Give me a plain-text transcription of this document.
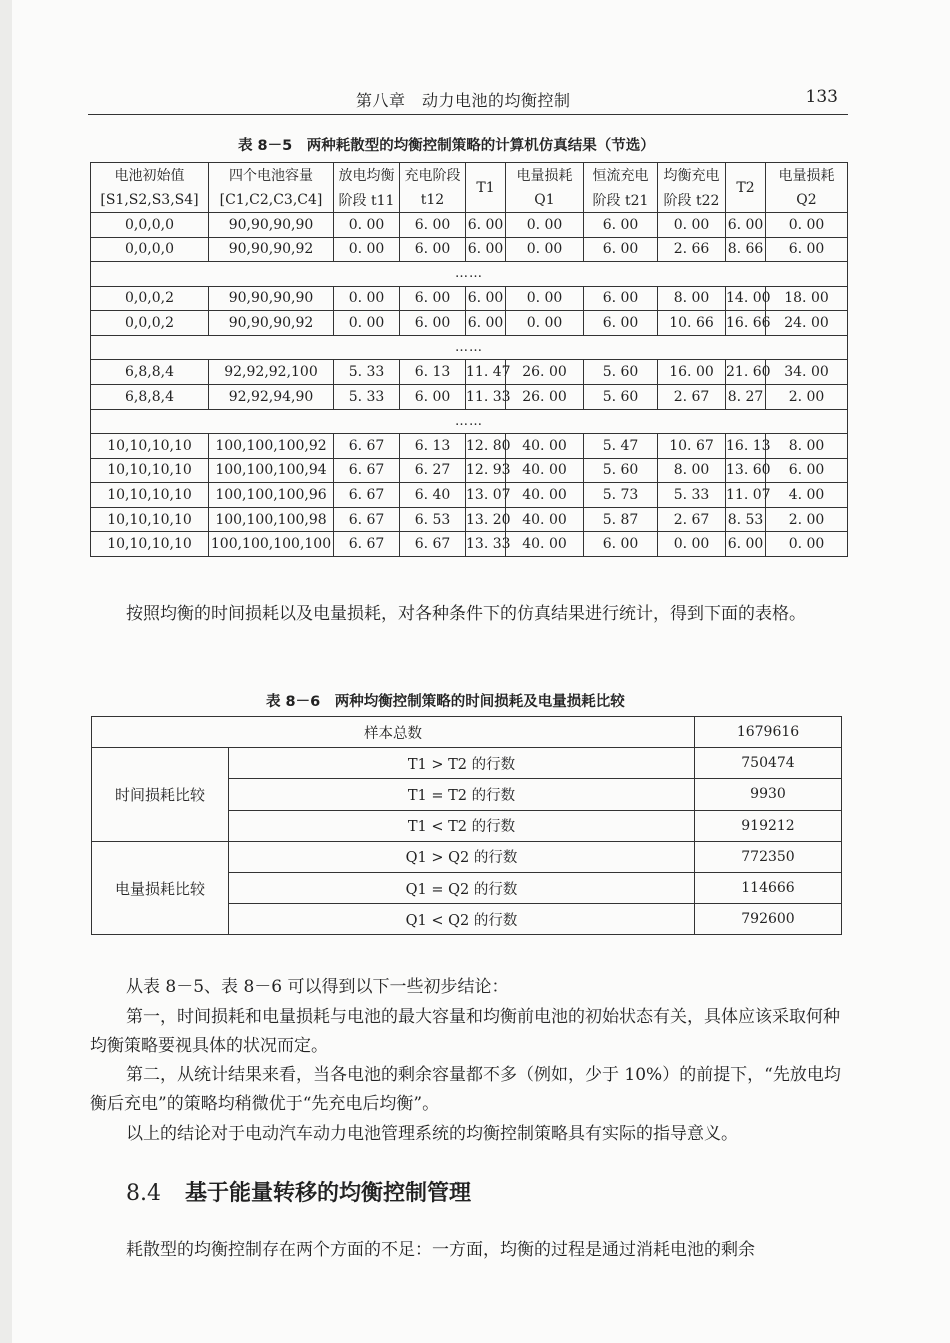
第八章　动力电池的均衡控制	133
表 8－5　两种耗散型的均衡控制策略的计算机仿真结果（节选）
电池初始值	四个电池容量	放电均衡	充电阶段	T1	电量损耗	恒流充电	均衡充电	T2	电量损耗
[S1,S2,S3,S4]	[C1,C2,C3,C4]	阶段 t11	t12		Q1	阶段 t21	阶段 t22		Q2
0,0,0,0	90,90,90,90	0. 00	6. 00	6. 00	0. 00	6. 00	0. 00	6. 00	0. 00
0,0,0,0	90,90,90,92	0. 00	6. 00	6. 00	0. 00	6. 00	2. 66	8. 66	6. 00
……									
0,0,0,2	90,90,90,90	0. 00	6. 00	6. 00	0. 00	6. 00	8. 00	14. 00	18. 00
0,0,0,2	90,90,90,92	0. 00	6. 00	6. 00	0. 00	6. 00	10. 66	16. 66	24. 00
……									
6,8,8,4	92,92,92,100	5. 33	6. 13	11. 47	26. 00	5. 60	16. 00	21. 60	34. 00
6,8,8,4	92,92,94,90	5. 33	6. 00	11. 33	26. 00	5. 60	2. 67	8. 27	2. 00
……									
10,10,10,10	100,100,100,92	6. 67	6. 13	12. 80	40. 00	5. 47	10. 67	16. 13	8. 00
10,10,10,10	100,100,100,94	6. 67	6. 27	12. 93	40. 00	5. 60	8. 00	13. 60	6. 00
10,10,10,10	100,100,100,96	6. 67	6. 40	13. 07	40. 00	5. 73	5. 33	11. 07	4. 00
10,10,10,10	100,100,100,98	6. 67	6. 53	13. 20	40. 00	5. 87	2. 67	8. 53	2. 00
10,10,10,10	100,100,100,100	6. 67	6. 67	13. 33	40. 00	6. 00	0. 00	6. 00	0. 00
按照均衡的时间损耗以及电量损耗，对各种条件下的仿真结果进行统计，得到下面的表格。
表 8－6　两种均衡控制策略的时间损耗及电量损耗比较
样本总数		1679616
时间损耗比较	T1 > T2 的行数	750474
	T1 = T2 的行数	9930
	T1 < T2 的行数	919212
电量损耗比较	Q1 > Q2 的行数	772350
	Q1 = Q2 的行数	114666
	Q1 < Q2 的行数	792600
从表 8－5、表 8－6 可以得到以下一些初步结论：
第一，时间损耗和电量损耗与电池的最大容量和均衡前电池的初始状态有关，具体应该采取何种均衡策略要视具体的状况而定。
第二，从统计结果来看，当各电池的剩余容量都不多（例如，少于 10%）的前提下，“先放电均衡后充电”的策略均稍微优于“先充电后均衡”。
以上的结论对于电动汽车动力电池管理系统的均衡控制策略具有实际的指导意义。
8.4 基于能量转移的均衡控制管理
耗散型的均衡控制存在两个方面的不足：一方面，均衡的过程是通过消耗电池的剩余
